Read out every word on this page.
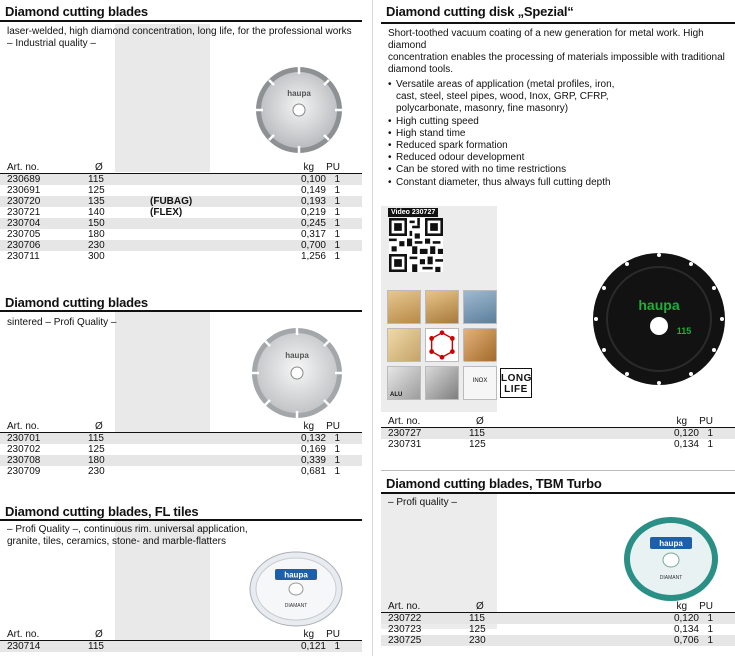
Diamond cutting blades
laser-welded, high diamond concentration, long life, for the professional works
– Industrial quality –
haupa
Art. no.	Ø	kg PU
230689	115	0,100 1
230691	125	0,149 1
230720	135	(FUBAG)	0,193 1
230721	140	(FLEX)	0,219 1
230704	150	0,245 1
230705	180	0,317 1
230706	230	0,700 1
230711	300	1,256 1
Diamond cutting blades
sintered – Profi Quality –
haupa
Art. no.	Ø	kg PU
230701	115	0,132 1
230702	125	0,169 1
230708	180	0,339 1
230709	230	0,681 1
Diamond cutting blades, FL tiles
– Profi Quality –, continuous rim. universal application,
granite, tiles, ceramics, stone- and marble-flatters
haupa
DIAMANT
Art. no.	Ø	kg PU
230714	115	0,121 1
Diamond cutting disk „Spezial“
Short-toothed vacuum coating of a new generation for metal work. High diamond
concentration enables the processing of materials impossible with traditional
diamond tools.
• Versatile areas of application (metal profiles, iron,
cast, steel, steel pipes, wood, Inox, GRP, CFRP,
polycarbonate, masonry, fine masonry)
• High cutting speed
• High stand time
• Reduced spark formation
• Reduced odour development
• Can be stored with no time restrictions
• Constant diameter, thus always full cutting depth
Video 230727
ALU
INOX	LONG
LIFE
haupa
115
Art. no.	Ø	kg PU
230727	115	0,120 1
230731	125	0,134 1
Diamond cutting blades, TBM Turbo
– Profi quality –
haupa
DIAMANT
Art. no.	Ø	kg PU
230722	115	0,120 1
230723	125	0,134 1
230725	230	0,706 1
